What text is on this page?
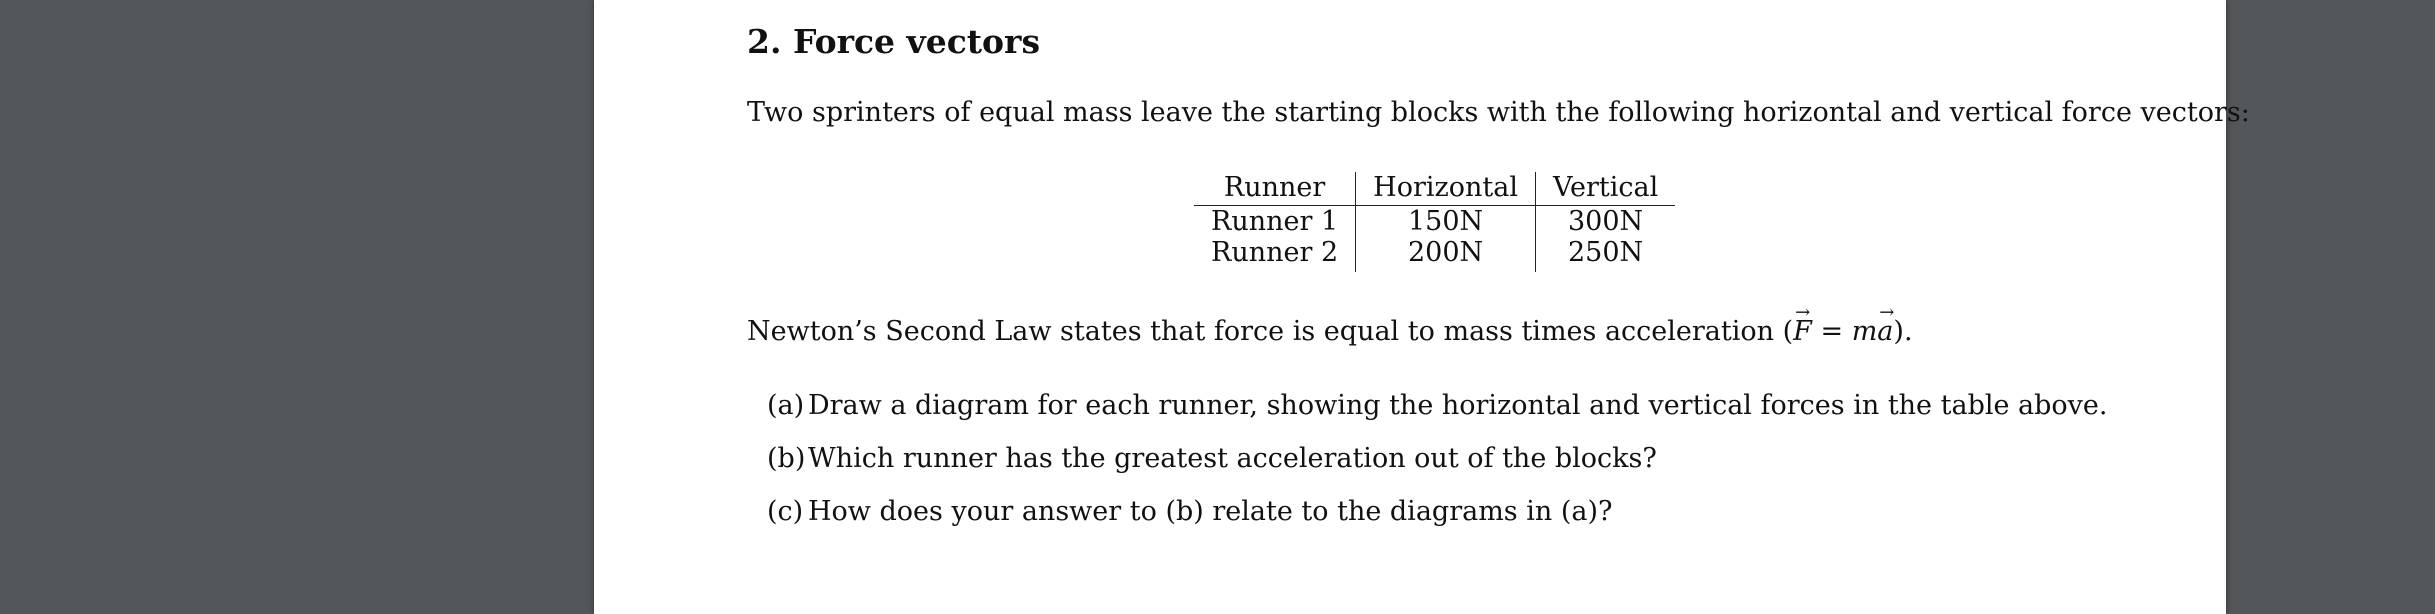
2. Force vectors
Two sprinters of equal mass leave the starting blocks with the following horizontal and vertical force vectors:
Runner	Horizontal	Vertical
Runner 1	150N	300N
Runner 2	200N	250N
Newton’s Second Law states that force is equal to mass times acceleration (→ F = m→ a).
(a) Draw a diagram for each runner, showing the horizontal and vertical forces in the table above.
(b) Which runner has the greatest acceleration out of the blocks?
(c) How does your answer to (b) relate to the diagrams in (a)?
